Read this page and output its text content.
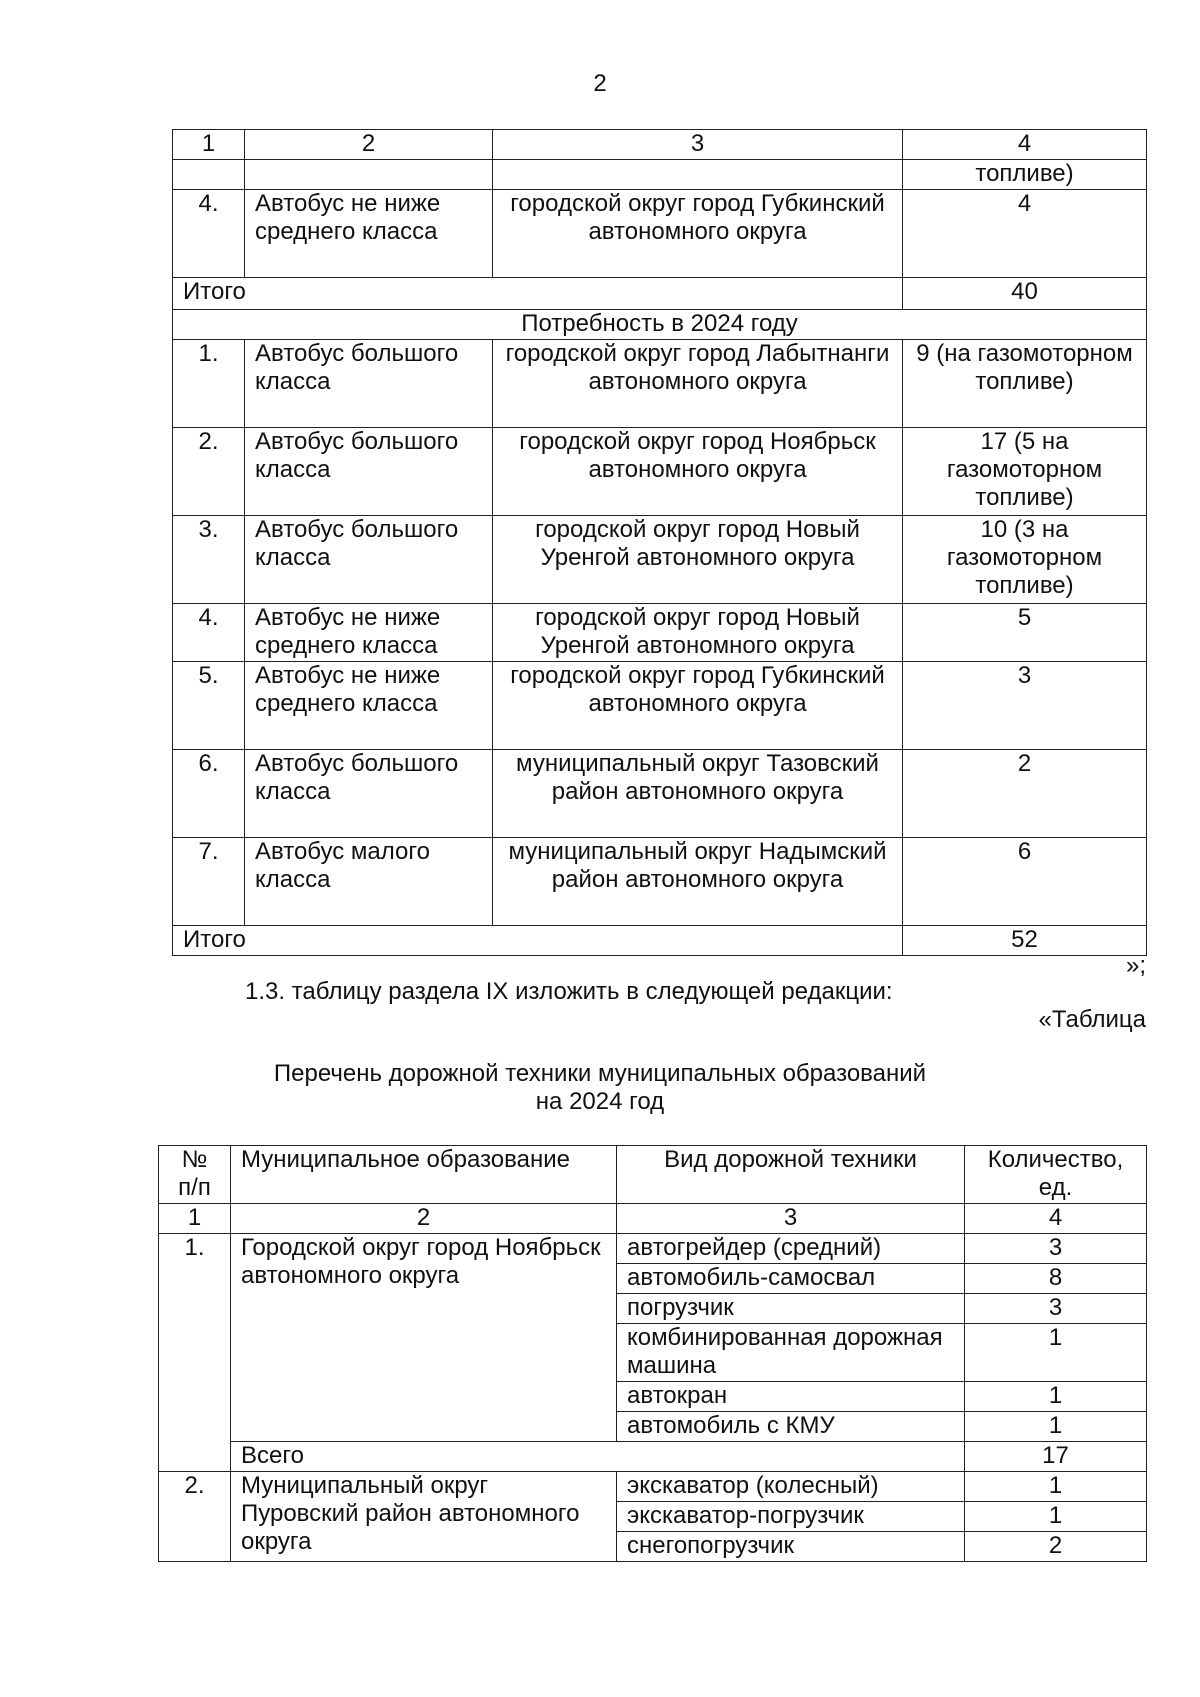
2
1	2	3	4
			топливе)
4.	Автобус не ниже среднего класса	городской округ город Губкинский автономного округа	4
Итого			40
Потребность в 2024 году			
1.	Автобус большого класса	городской округ город Лабытнанги автономного округа	9 (на газомоторном топливе)
2.	Автобус большого класса	городской округ город Ноябрьск автономного округа	17 (5 на газомоторном топливе)
3.	Автобус большого класса	городской округ город Новый Уренгой автономного округа	10 (3 на газомоторном топливе)
4.	Автобус не ниже среднего класса	городской округ город Новый Уренгой автономного округа	5
5.	Автобус не ниже среднего класса	городской округ город Губкинский автономного округа	3
6.	Автобус большого класса	муниципальный округ Тазовский район автономного округа	2
7.	Автобус малого класса	муниципальный округ Надымский район автономного округа	6
Итого			52
»;
1.3. таблицу раздела IX изложить в следующей редакции:
«Таблица
Перечень дорожной техники муниципальных образований
на 2024 год
№ п/п	Муниципальное образование	Вид дорожной техники	Количество, ед.
1	2	3	4
1.	Городской округ город Ноябрьск автономного округа	автогрейдер (средний)	3
		автомобиль-самосвал	8
		погрузчик	3
		комбинированная дорожная машина	1
		автокран	1
		автомобиль с КМУ	1
	Всего		17
2.	Муниципальный округ Пуровский район автономного округа	экскаватор (колесный)	1
		экскаватор-погрузчик	1
		снегопогрузчик	2
